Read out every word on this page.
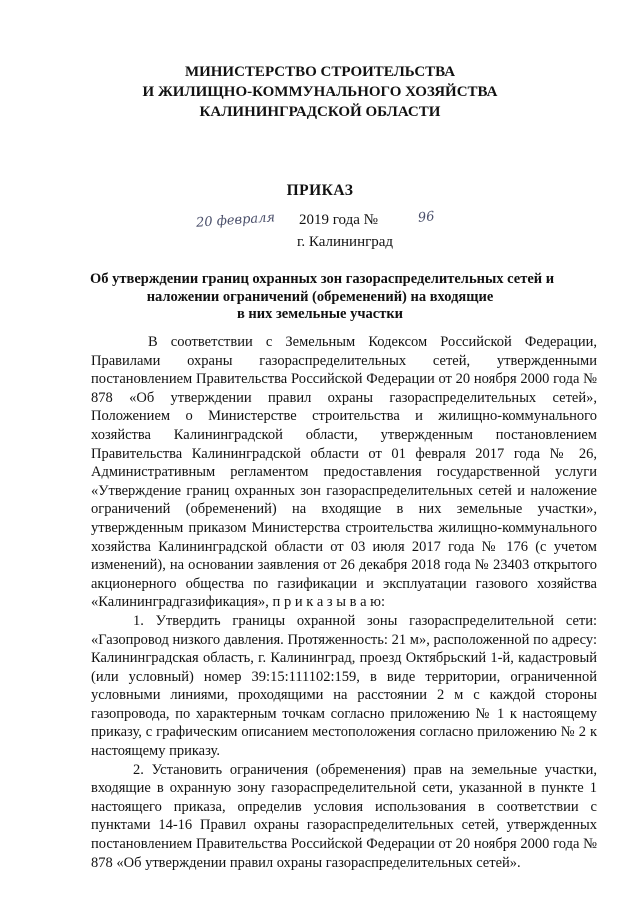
МИНИСТЕРСТВО СТРОИТЕЛЬСТВА
И ЖИЛИЩНО-КОММУНАЛЬНОГО ХОЗЯЙСТВА
КАЛИНИНГРАДСКОЙ ОБЛАСТИ
ПРИКАЗ
20 февраля 2019 года №	96
г. Калининград
Об утверждении границ охранных зон газораспределительных сетей и
наложении ограничений (обременений) на входящие
в них земельные участки

В соответствии с Земельным Кодексом Российской Федерации, Правилами охраны газораспределительных сетей, утвержденными постановлением Правительства Российской Федерации от 20 ноября 2000 года № 878 «Об утверждении правил охраны газораспределительных сетей», Положением о Министерстве строительства и жилищно-коммунального хозяйства Калининградской области, утвержденным постановлением Правительства Калининградской области от 01 февраля 2017 года № 26, Административным регламентом предоставления государственной услуги «Утверждение границ охранных зон газораспределительных сетей и наложение ограничений (обременений) на входящие в них земельные участки», утвержденным приказом Министерства строительства жилищно-коммунального хозяйства Калининградской области от 03 июля 2017 года № 176 (с учетом изменений), на основании заявления от 26 декабря 2018 года № 23403 открытого акционерного общества по газификации и эксплуатации газового хозяйства «Калининградгазификация», п р и к а з ы в а ю:

1. Утвердить границы охранной зоны газораспределительной сети: «Газопровод низкого давления. Протяженность: 21 м», расположенной по адресу: Калининградская область, г. Калининград, проезд Октябрьский 1-й, кадастровый (или условный) номер 39:15:111102:159, в виде территории, ограниченной условными линиями, проходящими на расстоянии 2 м с каждой стороны газопровода, по характерным точкам согласно приложению № 1 к настоящему приказу, с графическим описанием местоположения согласно приложению № 2 к настоящему приказу.

2. Установить ограничения (обременения) прав на земельные участки, входящие в охранную зону газораспределительной сети, указанной в пункте 1 настоящего приказа, определив условия использования в соответствии с пунктами 14-16 Правил охраны газораспределительных сетей, утвержденных постановлением Правительства Российской Федерации от 20 ноября 2000 года № 878 «Об утверждении правил охраны газораспределительных сетей».
